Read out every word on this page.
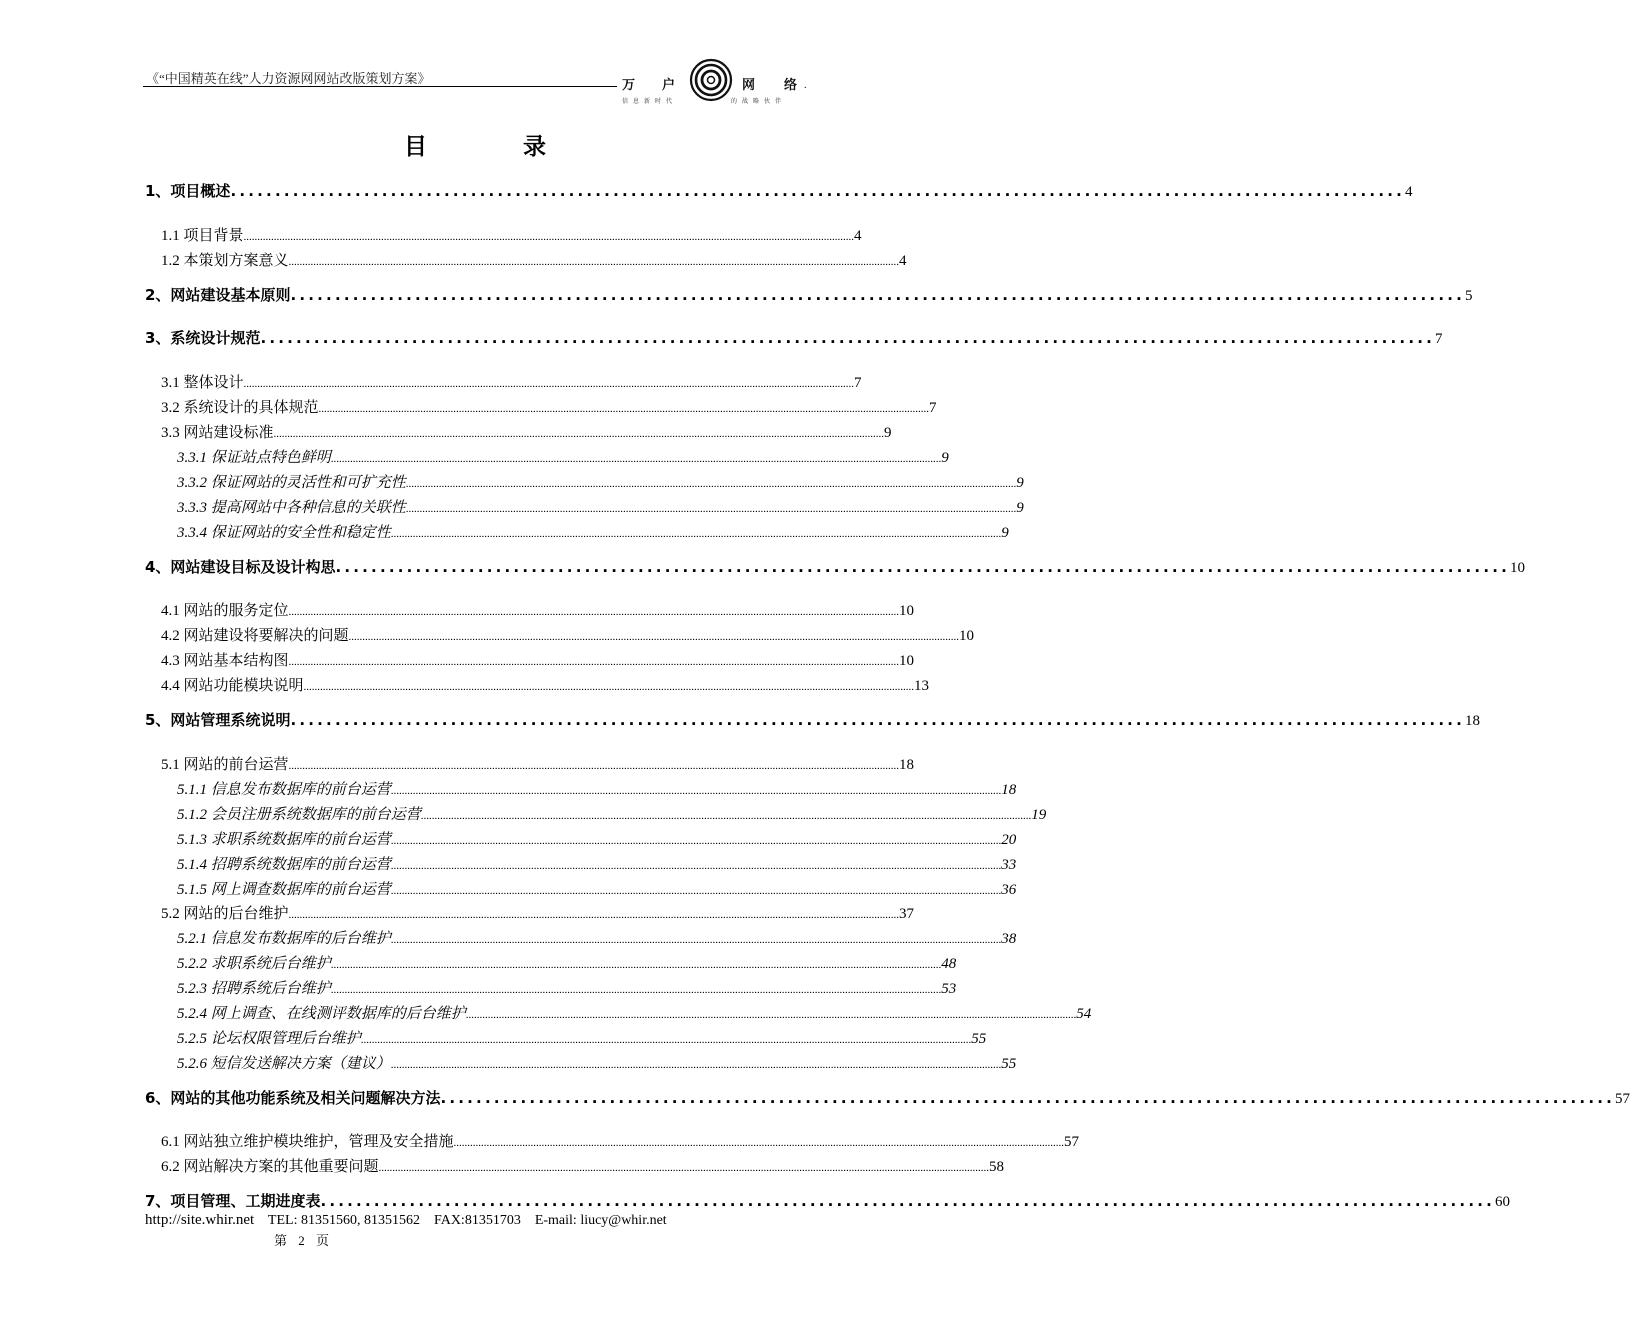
《“中国精英在线”人力资源网网站改版策划方案》	万 户	网 络 .
信息新时代	的战略伙伴
目 录
1、项目概述 .................................................................................................................................... 4
1.1 项目背景 .............................................................................................................................................................................................................................. 4
1.2 本策划方案意义 .............................................................................................................................................................................................................................. 4
2、网站建设基本原则 .................................................................................................................................... 5
3、系统设计规范 .................................................................................................................................... 7
3.1 整体设计 .............................................................................................................................................................................................................................. 7
3.2 系统设计的具体规范 .............................................................................................................................................................................................................................. 7
3.3 网站建设标准 .............................................................................................................................................................................................................................. 9
3.3.1 保证站点特色鲜明 .............................................................................................................................................................................................................................. 9
3.3.2 保证网站的灵活性和可扩充性 .............................................................................................................................................................................................................................. 9
3.3.3 提高网站中各种信息的关联性 .............................................................................................................................................................................................................................. 9
3.3.4 保证网站的安全性和稳定性 .............................................................................................................................................................................................................................. 9
4、网站建设目标及设计构思 .................................................................................................................................... 10
4.1 网站的服务定位 .............................................................................................................................................................................................................................. 10
4.2 网站建设将要解决的问题 .............................................................................................................................................................................................................................. 10
4.3 网站基本结构图 .............................................................................................................................................................................................................................. 10
4.4 网站功能模块说明 .............................................................................................................................................................................................................................. 13
5、网站管理系统说明 .................................................................................................................................... 18
5.1 网站的前台运营 .............................................................................................................................................................................................................................. 18
5.1.1 信息发布数据库的前台运营 .............................................................................................................................................................................................................................. 18
5.1.2 会员注册系统数据库的前台运营 .............................................................................................................................................................................................................................. 19
5.1.3 求职系统数据库的前台运营 .............................................................................................................................................................................................................................. 20
5.1.4 招聘系统数据库的前台运营 .............................................................................................................................................................................................................................. 33
5.1.5 网上调查数据库的前台运营 .............................................................................................................................................................................................................................. 36
5.2 网站的后台维护 .............................................................................................................................................................................................................................. 37
5.2.1 信息发布数据库的后台维护 .............................................................................................................................................................................................................................. 38
5.2.2 求职系统后台维护 .............................................................................................................................................................................................................................. 48
5.2.3 招聘系统后台维护 .............................................................................................................................................................................................................................. 53
5.2.4 网上调查、在线测评数据库的后台维护 .............................................................................................................................................................................................................................. 54
5.2.5 论坛权限管理后台维护 .............................................................................................................................................................................................................................. 55
5.2.6 短信发送解决方案（建议） .............................................................................................................................................................................................................................. 55
6、网站的其他功能系统及相关问题解决方法 .................................................................................................................................... 57
6.1 网站独立维护模块维护，管理及安全措施 .............................................................................................................................................................................................................................. 57
6.2 网站解决方案的其他重要问题 .............................................................................................................................................................................................................................. 58
7、项目管理、工期进度表 .................................................................................................................................... 60
http://site.whir.net TEL: 81351560, 81351562 FAX:81351703 E-mail: liucy@whir.net
第 2 页
